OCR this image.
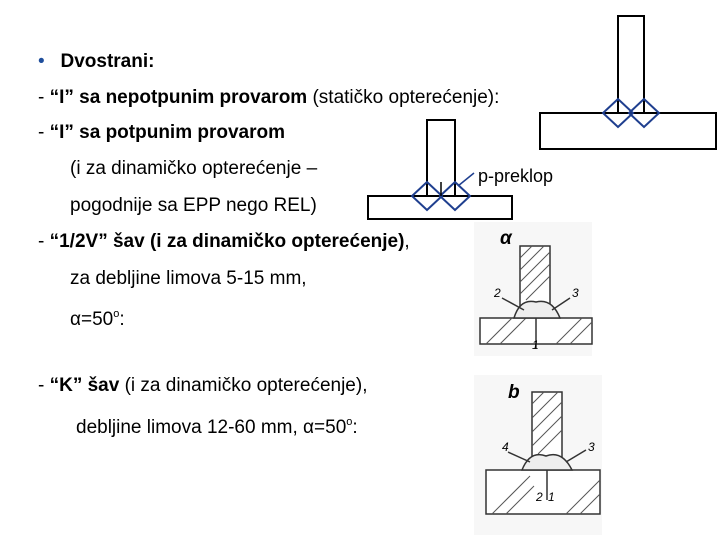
• Dvostrani:
- “I” sa nepotpunim provarom (statičko opterećenje):
- “I” sa potpunim provarom
(i za dinamičko opterećenje –
pogodnije sa EPP nego REL)
- “1/2V” šav (i za dinamičko opterećenje),
za debljine limova 5-15 mm,
$\alpha=50^o$:
- “K” šav (i za dinamičko opterećenje),
debljine limova 12-60 mm, $\alpha=50^o$:
p-preklop
α
2	3
1
b
4	3
2 1
